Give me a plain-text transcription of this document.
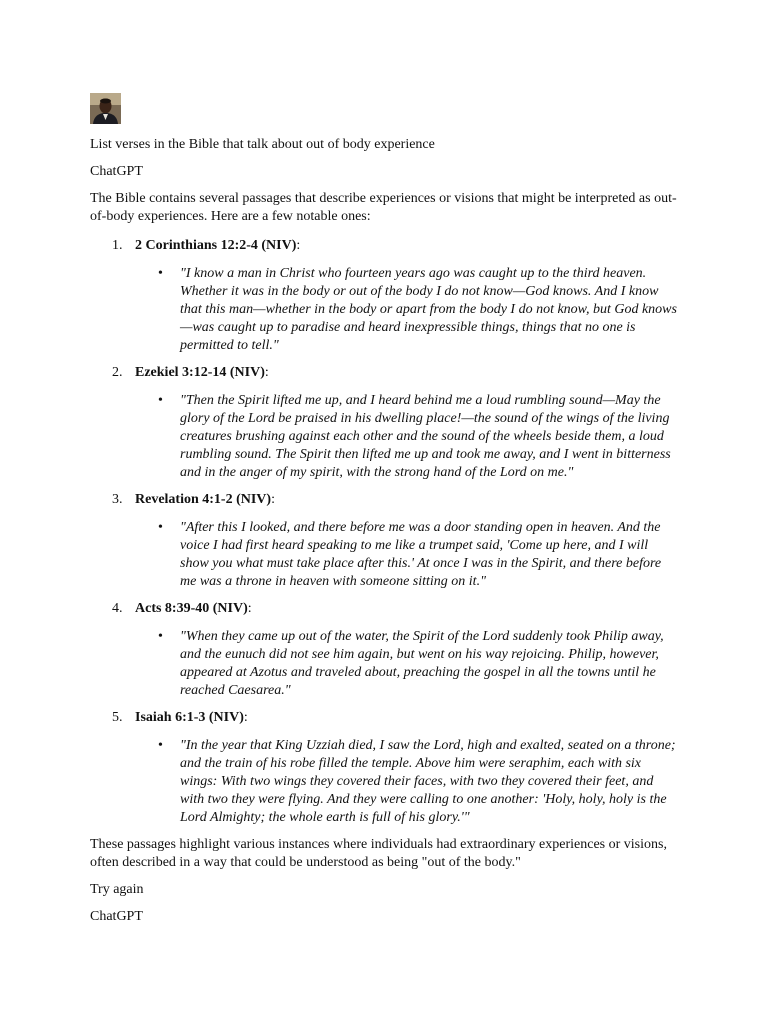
List verses in the Bible that talk about out of body experience

ChatGPT

The Bible contains several passages that describe experiences or visions that might be interpreted as out-of-body experiences. Here are a few notable ones:

1. 2 Corinthians 12:2-4 (NIV):
• "I know a man in Christ who fourteen years ago was caught up to the third heaven. Whether it was in the body or out of the body I do not know—God knows. And I know that this man—whether in the body or apart from the body I do not know, but God knows—was caught up to paradise and heard inexpressible things, things that no one is permitted to tell."
2. Ezekiel 3:12-14 (NIV):
• "Then the Spirit lifted me up, and I heard behind me a loud rumbling sound—May the glory of the Lord be praised in his dwelling place!—the sound of the wings of the living creatures brushing against each other and the sound of the wheels beside them, a loud rumbling sound. The Spirit then lifted me up and took me away, and I went in bitterness and in the anger of my spirit, with the strong hand of the Lord on me."
3. Revelation 4:1-2 (NIV):
• "After this I looked, and there before me was a door standing open in heaven. And the voice I had first heard speaking to me like a trumpet said, 'Come up here, and I will show you what must take place after this.' At once I was in the Spirit, and there before me was a throne in heaven with someone sitting on it."
4. Acts 8:39-40 (NIV):
• "When they came up out of the water, the Spirit of the Lord suddenly took Philip away, and the eunuch did not see him again, but went on his way rejoicing. Philip, however, appeared at Azotus and traveled about, preaching the gospel in all the towns until he reached Caesarea."
5. Isaiah 6:1-3 (NIV):
• "In the year that King Uzziah died, I saw the Lord, high and exalted, seated on a throne; and the train of his robe filled the temple. Above him were seraphim, each with six wings: With two wings they covered their faces, with two they covered their feet, and with two they were flying. And they were calling to one another: 'Holy, holy, holy is the Lord Almighty; the whole earth is full of his glory.'"

These passages highlight various instances where individuals had extraordinary experiences or visions, often described in a way that could be understood as being "out of the body."

Try again

ChatGPT
